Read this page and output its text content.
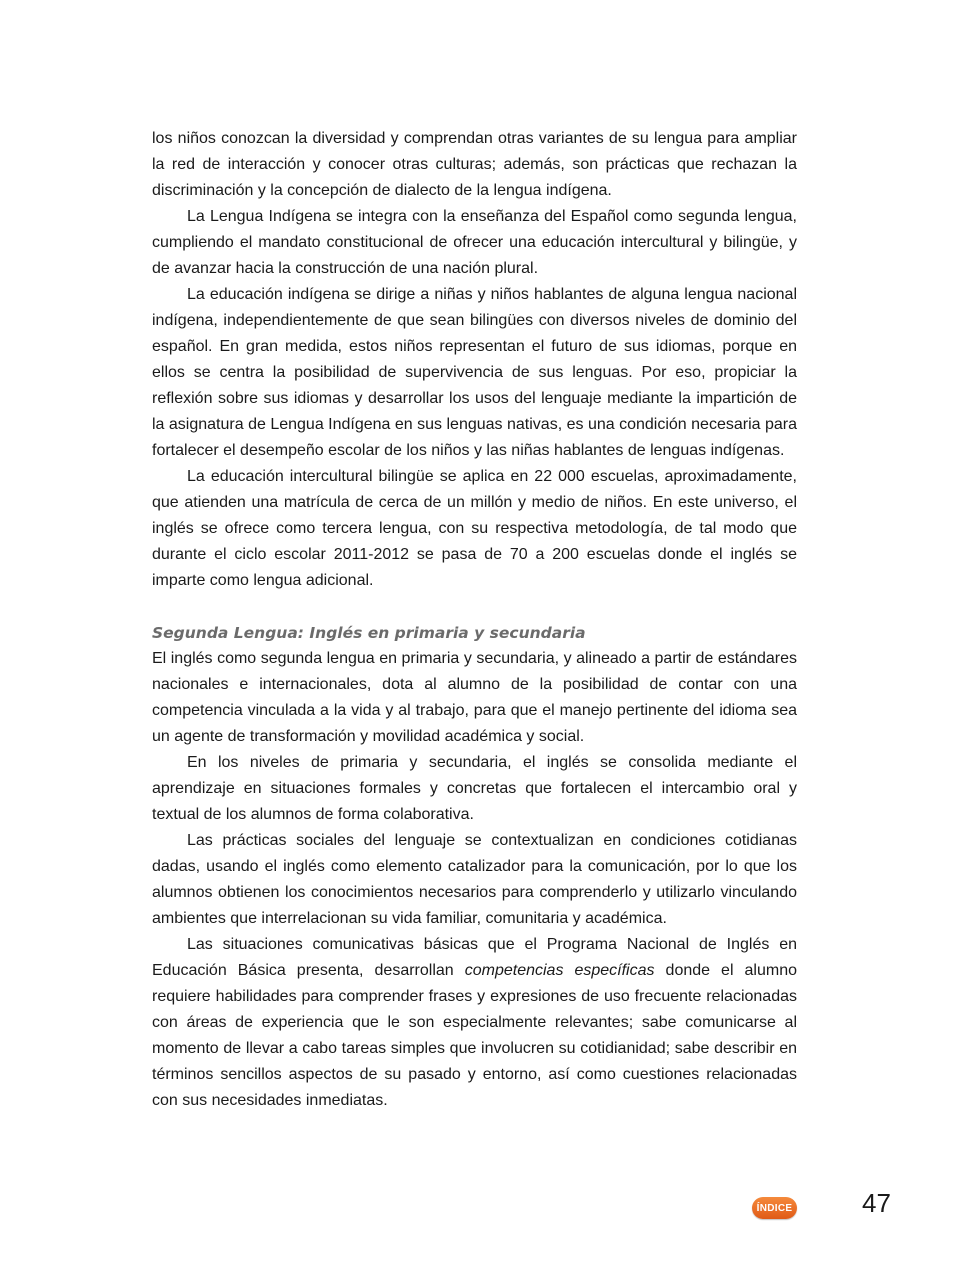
los niños conozcan la diversidad y comprendan otras variantes de su lengua para ampliar la red de interacción y conocer otras culturas; además, son prácticas que rechazan la discriminación y la concepción de dialecto de la lengua indígena.

La Lengua Indígena se integra con la enseñanza del Español como segunda lengua, cumpliendo el mandato constitucional de ofrecer una educación intercultural y bilingüe, y de avanzar hacia la construcción de una nación plural.

La educación indígena se dirige a niñas y niños hablantes de alguna lengua nacional indígena, independientemente de que sean bilingües con diversos niveles de dominio del español. En gran medida, estos niños representan el futuro de sus idiomas, porque en ellos se centra la posibilidad de supervivencia de sus lenguas. Por eso, propiciar la reflexión sobre sus idiomas y desarrollar los usos del lenguaje mediante la impartición de la asignatura de Lengua Indígena en sus lenguas nativas, es una condición necesaria para fortalecer el desempeño escolar de los niños y las niñas hablantes de lenguas indígenas.

La educación intercultural bilingüe se aplica en 22 000 escuelas, aproximadamente, que atienden una matrícula de cerca de un millón y medio de niños. En este universo, el inglés se ofrece como tercera lengua, con su respectiva metodología, de tal modo que durante el ciclo escolar 2011-2012 se pasa de 70 a 200 escuelas donde el inglés se imparte como lengua adicional.

Segunda Lengua: Inglés en primaria y secundaria

El inglés como segunda lengua en primaria y secundaria, y alineado a partir de estándares nacionales e internacionales, dota al alumno de la posibilidad de contar con una competencia vinculada a la vida y al trabajo, para que el manejo pertinente del idioma sea un agente de transformación y movilidad académica y social.

En los niveles de primaria y secundaria, el inglés se consolida mediante el aprendizaje en situaciones formales y concretas que fortalecen el intercambio oral y textual de los alumnos de forma colaborativa.

Las prácticas sociales del lenguaje se contextualizan en condiciones cotidianas dadas, usando el inglés como elemento catalizador para la comunicación, por lo que los alumnos obtienen los conocimientos necesarios para comprenderlo y utilizarlo vinculando ambientes que interrelacionan su vida familiar, comunitaria y académica.

Las situaciones comunicativas básicas que el Programa Nacional de Inglés en Educación Básica presenta, desarrollan competencias específicas donde el alumno requiere habilidades para comprender frases y expresiones de uso frecuente relacionadas con áreas de experiencia que le son especialmente relevantes; sabe comunicarse al momento de llevar a cabo tareas simples que involucren su cotidianidad; sabe describir en términos sencillos aspectos de su pasado y entorno, así como cuestiones relacionadas con sus necesidades inmediatas.

ÍNDICE	47
